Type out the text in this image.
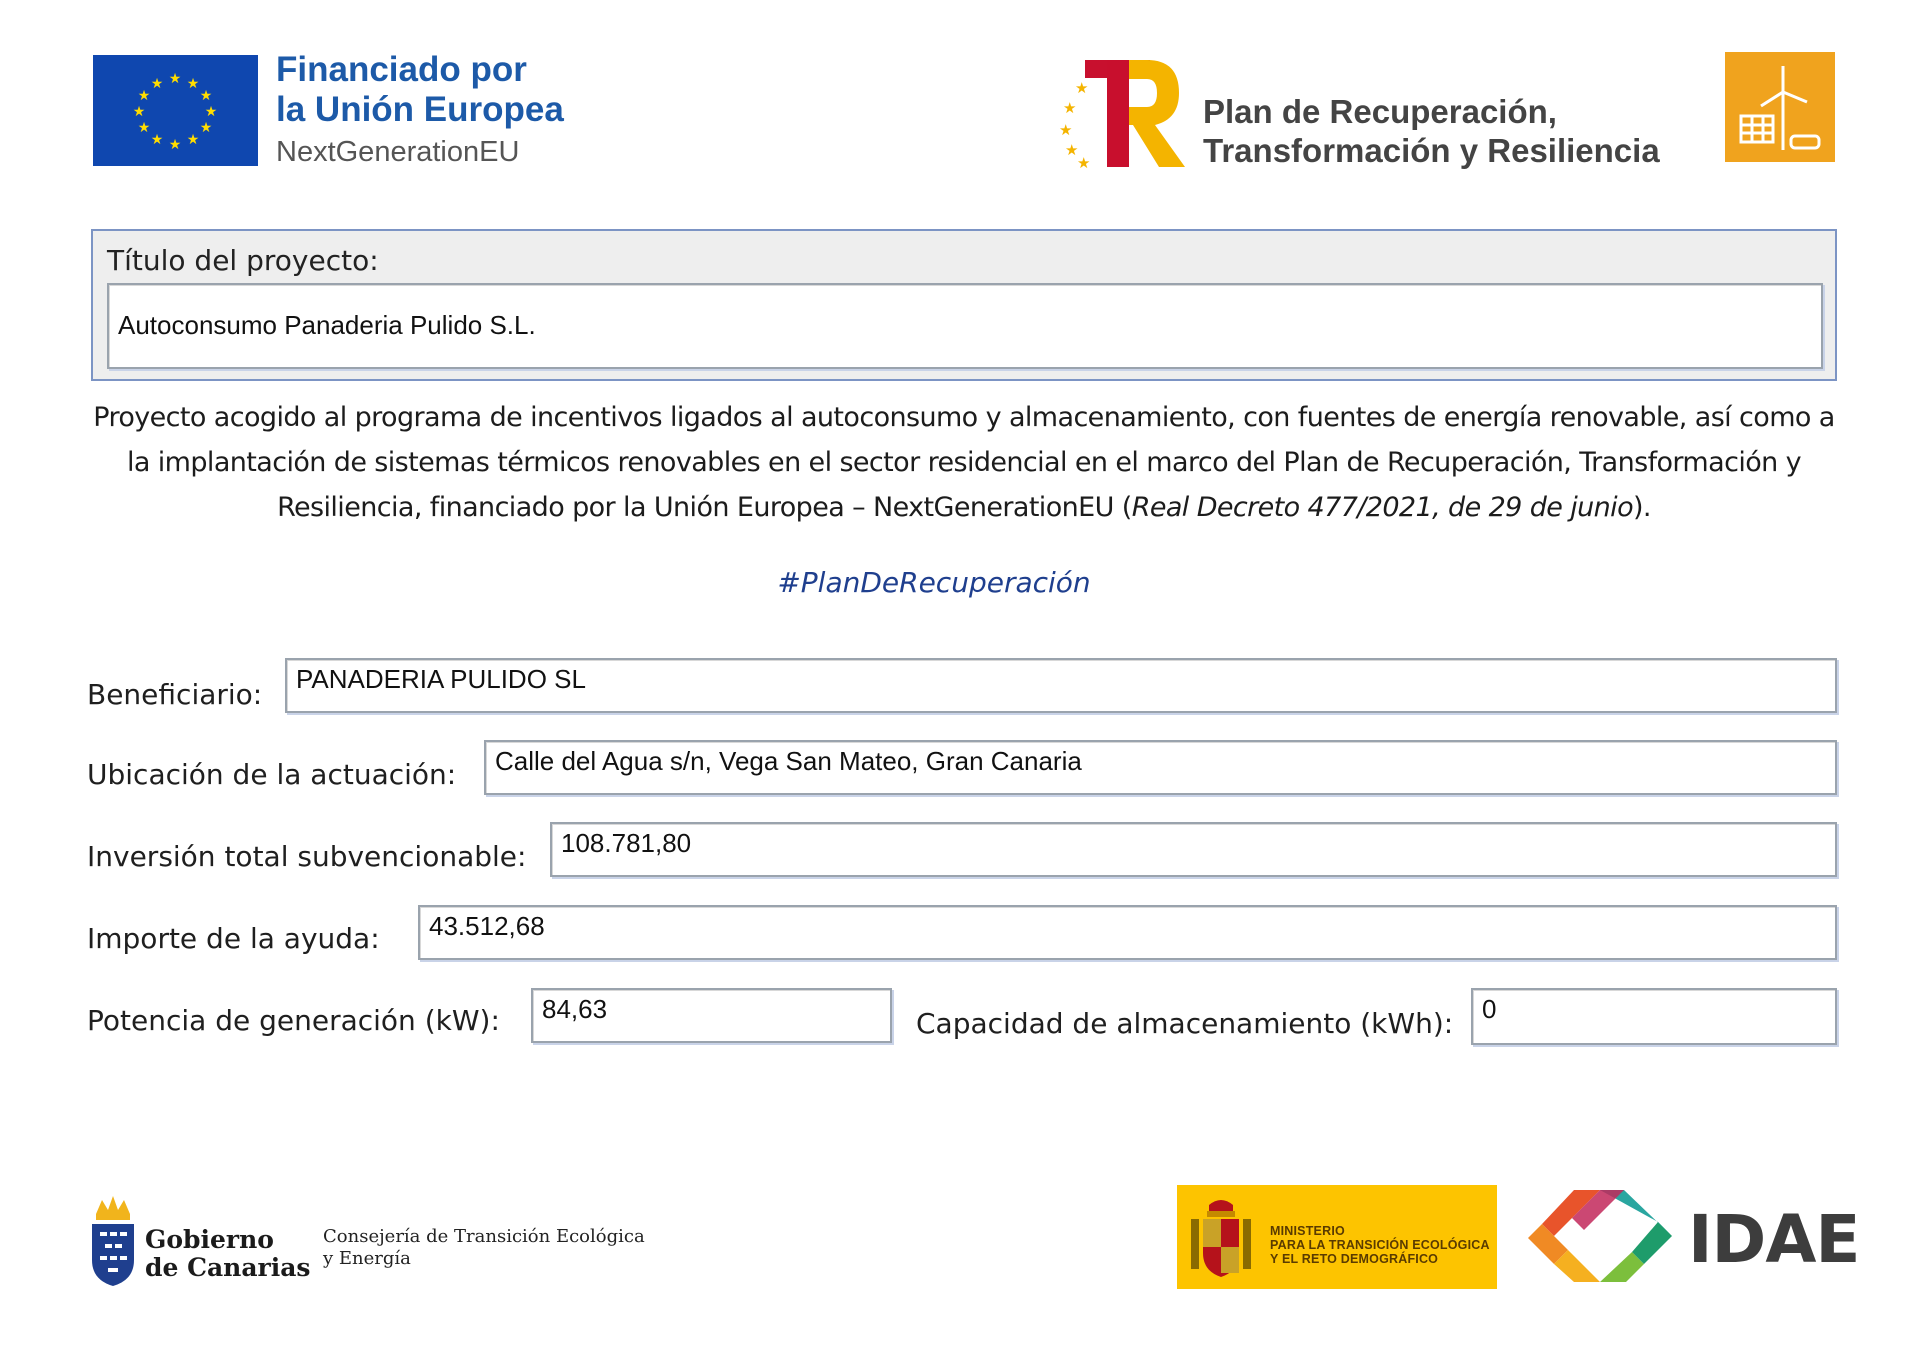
★ ★
★
★
★
★
★
★
★
★
★
★	Financiado por
la Unión Europea
NextGenerationEU
★
★
★
★
★
Plan de Recuperación,
Transformación y Resiliencia
Título del proyecto:
Autoconsumo Panaderia Pulido S.L.
Proyecto acogido al programa de incentivos ligados al autoconsumo y almacenamiento, con fuentes de energía renovable, así como a la implantación de sistemas térmicos renovables en el sector residencial en el marco del Plan de Recuperación, Transformación y Resiliencia, financiado por la Unión Europea – NextGenerationEU (Real Decreto 477/2021, de 29 de junio).
#PlanDeRecuperación
Beneficiario:	PANADERIA PULIDO SL
Ubicación de la actuación:	Calle del Agua s/n, Vega San Mateo, Gran Canaria
Inversión total subvencionable:	108.781,80
Importe de la ayuda:	43.512,68
Potencia de generación (kW):	84,63	Capacidad de almacenamiento (kWh):	0
Gobierno
de Canarias
Consejería de Transición Ecológica
y Energía
MINISTERIO
PARA LA TRANSICIÓN ECOLÓGICA
Y EL RETO DEMOGRÁFICO	IDAE
